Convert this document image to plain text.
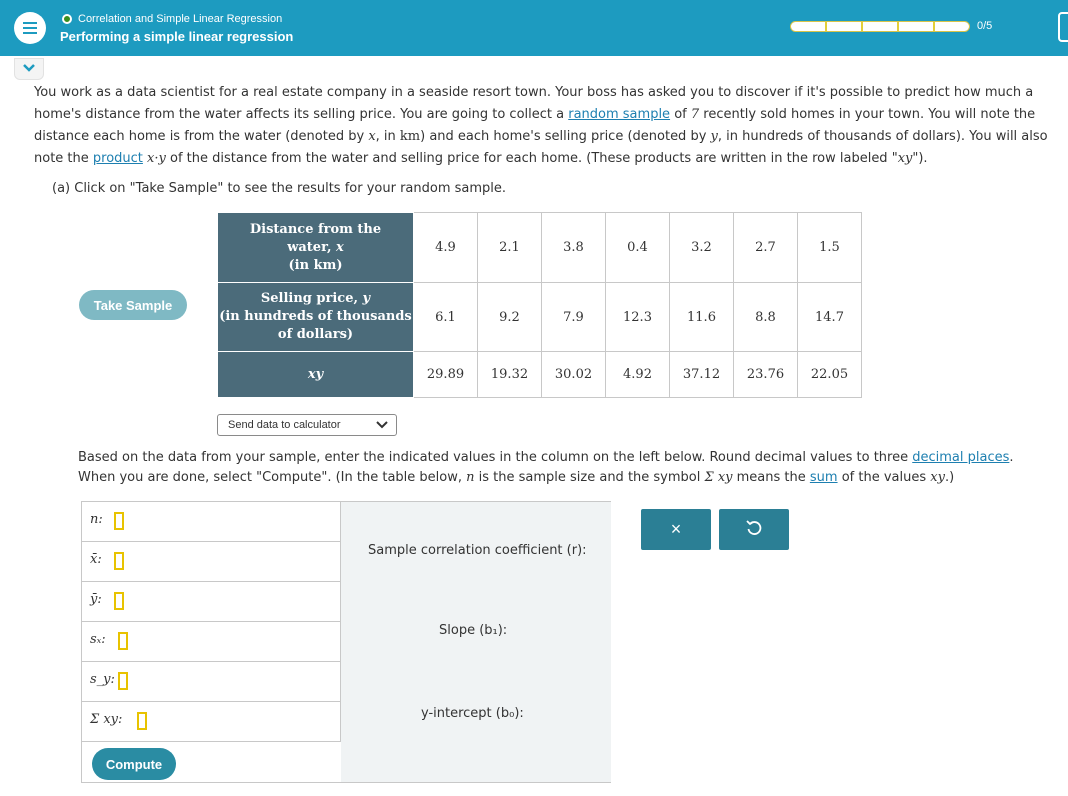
Correlation and Simple Linear Regression
Performing a simple linear regression
0/5
You work as a data scientist for a real estate company in a seaside resort town. Your boss has asked you to discover if it's possible to predict how much a home's distance from the water affects its selling price. You are going to collect a random sample of 7 recently sold homes in your town. You will note the distance each home is from the water (denoted by x, in km) and each home's selling price (denoted by y, in hundreds of thousands of dollars). You will also note the product x·y of the distance from the water and selling price for each home. (These products are written in the row labeled "xy").
(a) Click on "Take Sample" to see the results for your random sample.
Take Sample
Distance from the
water, x
(in km)	4.9	2.1	3.8	0.4	3.2	2.7	1.5

Selling price, y
(in hundreds of thousands
of dollars)	6.1	9.2	7.9	12.3	11.6	8.8	14.7
xy	29.89	19.32	30.02	4.92	37.12	23.76	22.05
Send data to calculator
Based on the data from your sample, enter the indicated values in the column on the left below. Round decimal values to three decimal places. When you are done, select "Compute". (In the table below, n is the sample size and the symbol Σ xy means the sum of the values xy.)
n:
x̄:
ȳ:
sₓ:
s_y:
Σ xy:
Compute
Sample correlation coefficient (r):
Slope (b₁):
y-intercept (b₀):
×
